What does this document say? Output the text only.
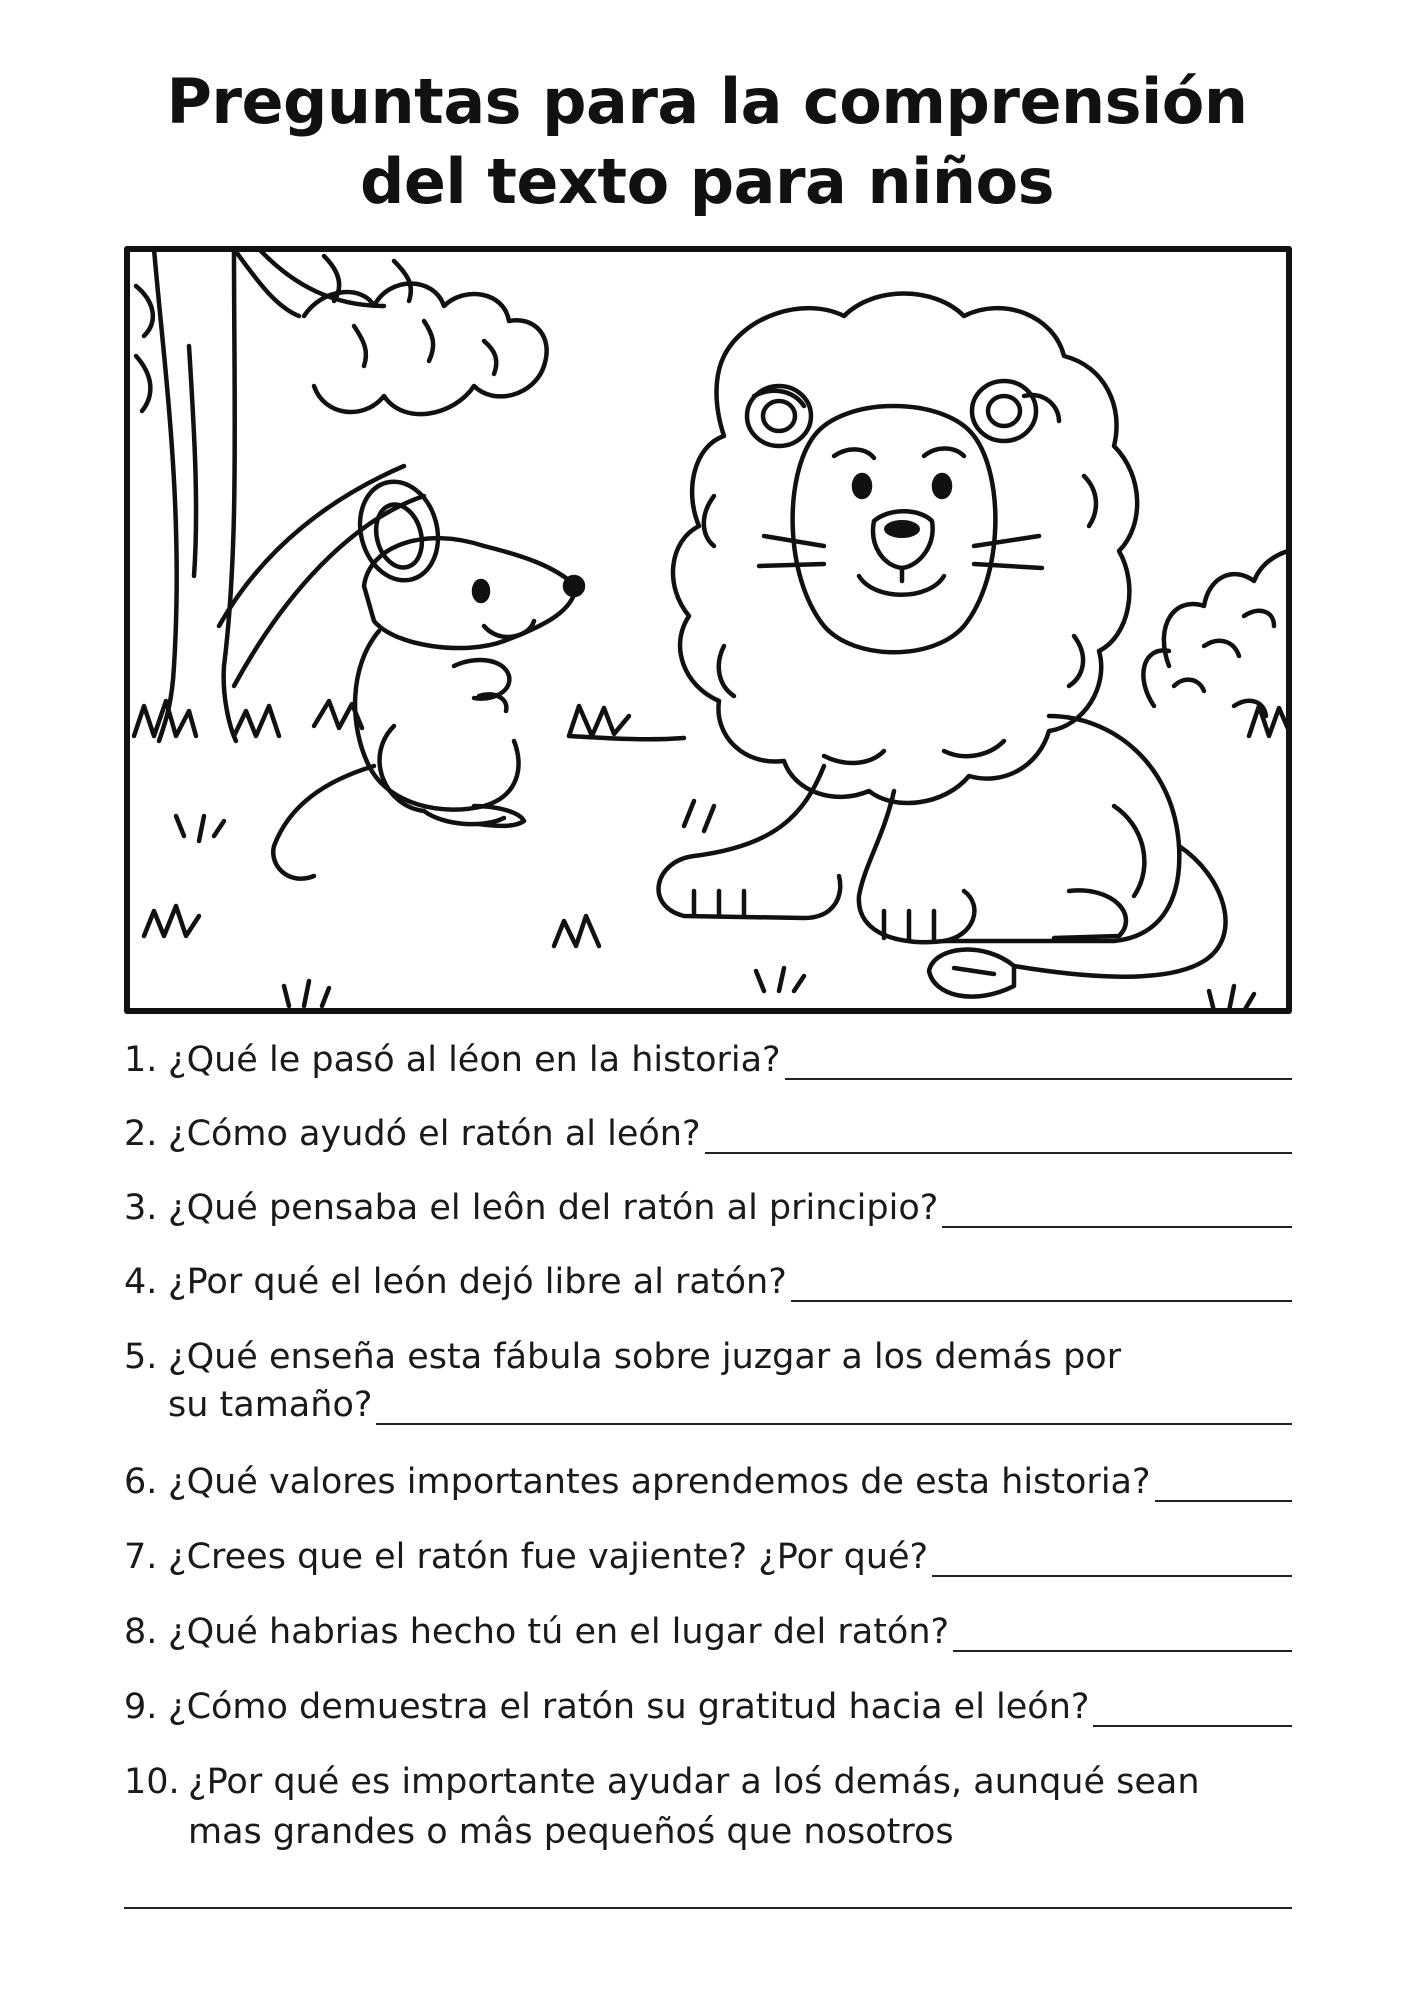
Preguntas para la comprensión
del texto para niños
1. ¿Qué le pasó al léon en la historia?
2. ¿Cómo ayudó el ratón al león?
3. ¿Qué pensaba el leôn del ratón al principio?
4. ¿Por qué el león dejó libre al ratón?
5. ¿Qué enseña esta fábula sobre juzgar a los demás por
su tamaño?
6. ¿Qué valores importantes aprendemos de esta historia?
7. ¿Crees que el ratón fue vajiente? ¿Por qué?
8. ¿Qué habrias hecho tú en el lugar del ratón?
9. ¿Cómo demuestra el ratón su gratitud hacia el león?
10. ¿Por qué es importante ayudar a loś demás, aunqué sean
mas grandes o mâs pequeñoś que nosotros
